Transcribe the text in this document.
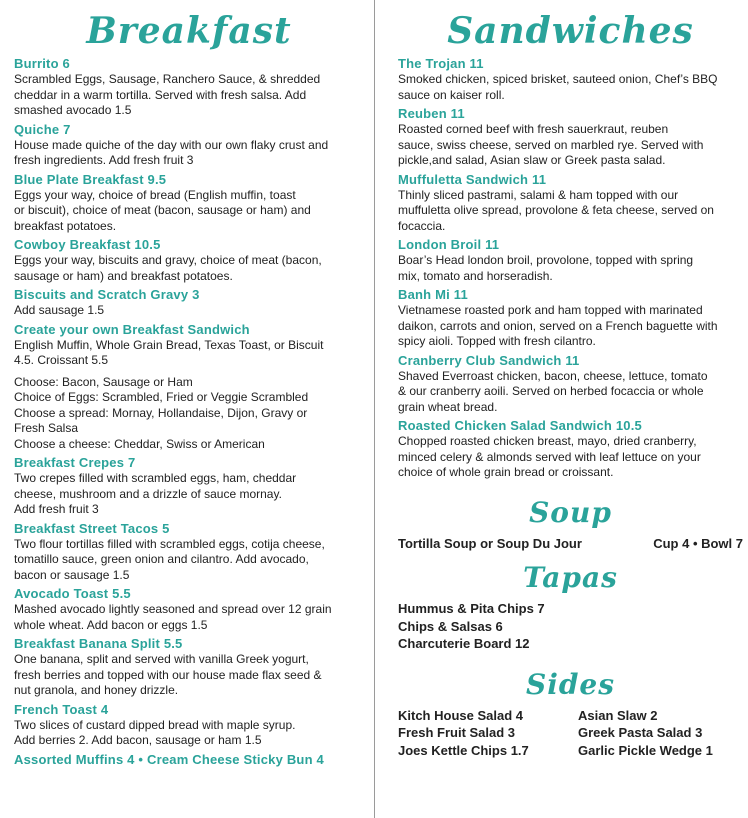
Breakfast
Burrito 6
Scrambled Eggs, Sausage, Ranchero Sauce, & shredded
cheddar in a warm tortilla. Served with fresh salsa. Add
smashed avocado 1.5
Quiche 7
House made quiche of the day with our own flaky crust and
fresh ingredients. Add fresh fruit 3
Blue Plate Breakfast 9.5
Eggs your way, choice of bread (English muffin, toast
or biscuit), choice of meat (bacon, sausage or ham) and
breakfast potatoes.
Cowboy Breakfast 10.5
Eggs your way, biscuits and gravy, choice of meat (bacon,
sausage or ham) and breakfast potatoes.
Biscuits and Scratch Gravy 3
Add sausage 1.5
Create your own Breakfast Sandwich
English Muffin, Whole Grain Bread, Texas Toast, or Biscuit
4.5. Croissant 5.5
Choose: Bacon, Sausage or Ham
Choice of Eggs: Scrambled, Fried or Veggie Scrambled
Choose a spread: Mornay, Hollandaise, Dijon, Gravy or
Fresh Salsa
Choose a cheese: Cheddar, Swiss or American
Breakfast Crepes 7
Two crepes filled with scrambled eggs, ham, cheddar
cheese, mushroom and a drizzle of sauce mornay.
Add fresh fruit 3
Breakfast Street Tacos 5
Two flour tortillas filled with scrambled eggs, cotija cheese,
tomatillo sauce, green onion and cilantro. Add avocado,
bacon or sausage 1.5
Avocado Toast 5.5
Mashed avocado lightly seasoned and spread over 12 grain
whole wheat. Add bacon or eggs 1.5
Breakfast Banana Split 5.5
One banana, split and served with vanilla Greek yogurt,
fresh berries and topped with our house made flax seed &
nut granola, and honey drizzle.
French Toast 4
Two slices of custard dipped bread with maple syrup.
Add berries 2. Add bacon, sausage or ham 1.5
Assorted Muffins 4 • Cream Cheese Sticky Bun 4
Sandwiches
The Trojan 11
Smoked chicken, spiced brisket, sauteed onion, Chef’s BBQ
sauce on kaiser roll.
Reuben 11
Roasted corned beef with fresh sauerkraut, reuben
sauce, swiss cheese, served on marbled rye. Served with
pickle,and salad, Asian slaw or Greek pasta salad.
Muffuletta Sandwich 11
Thinly sliced pastrami, salami & ham topped with our
muffuletta olive spread, provolone & feta cheese, served on
focaccia.
London Broil 11
Boar’s Head london broil, provolone, topped with spring
mix, tomato and horseradish.
Banh Mi 11
Vietnamese roasted pork and ham topped with marinated
daikon, carrots and onion, served on a French baguette with
spicy aioli. Topped with fresh cilantro.
Cranberry Club Sandwich 11
Shaved Everroast chicken, bacon, cheese, lettuce, tomato
& our cranberry aoili. Served on herbed focaccia or whole
grain wheat bread.
Roasted Chicken Salad Sandwich 10.5
Chopped roasted chicken breast, mayo, dried cranberry,
minced celery & almonds served with leaf lettuce on your
choice of whole grain bread or croissant.
Soup
Tortilla Soup or Soup Du Jour	Cup 4 • Bowl 7
Tapas
Hummus & Pita Chips 7
Chips & Salsas 6
Charcuterie Board 12
Sides
Kitch House Salad 4
Fresh Fruit Salad 3
Joes Kettle Chips 1.7
Asian Slaw 2
Greek Pasta Salad 3
Garlic Pickle Wedge 1
